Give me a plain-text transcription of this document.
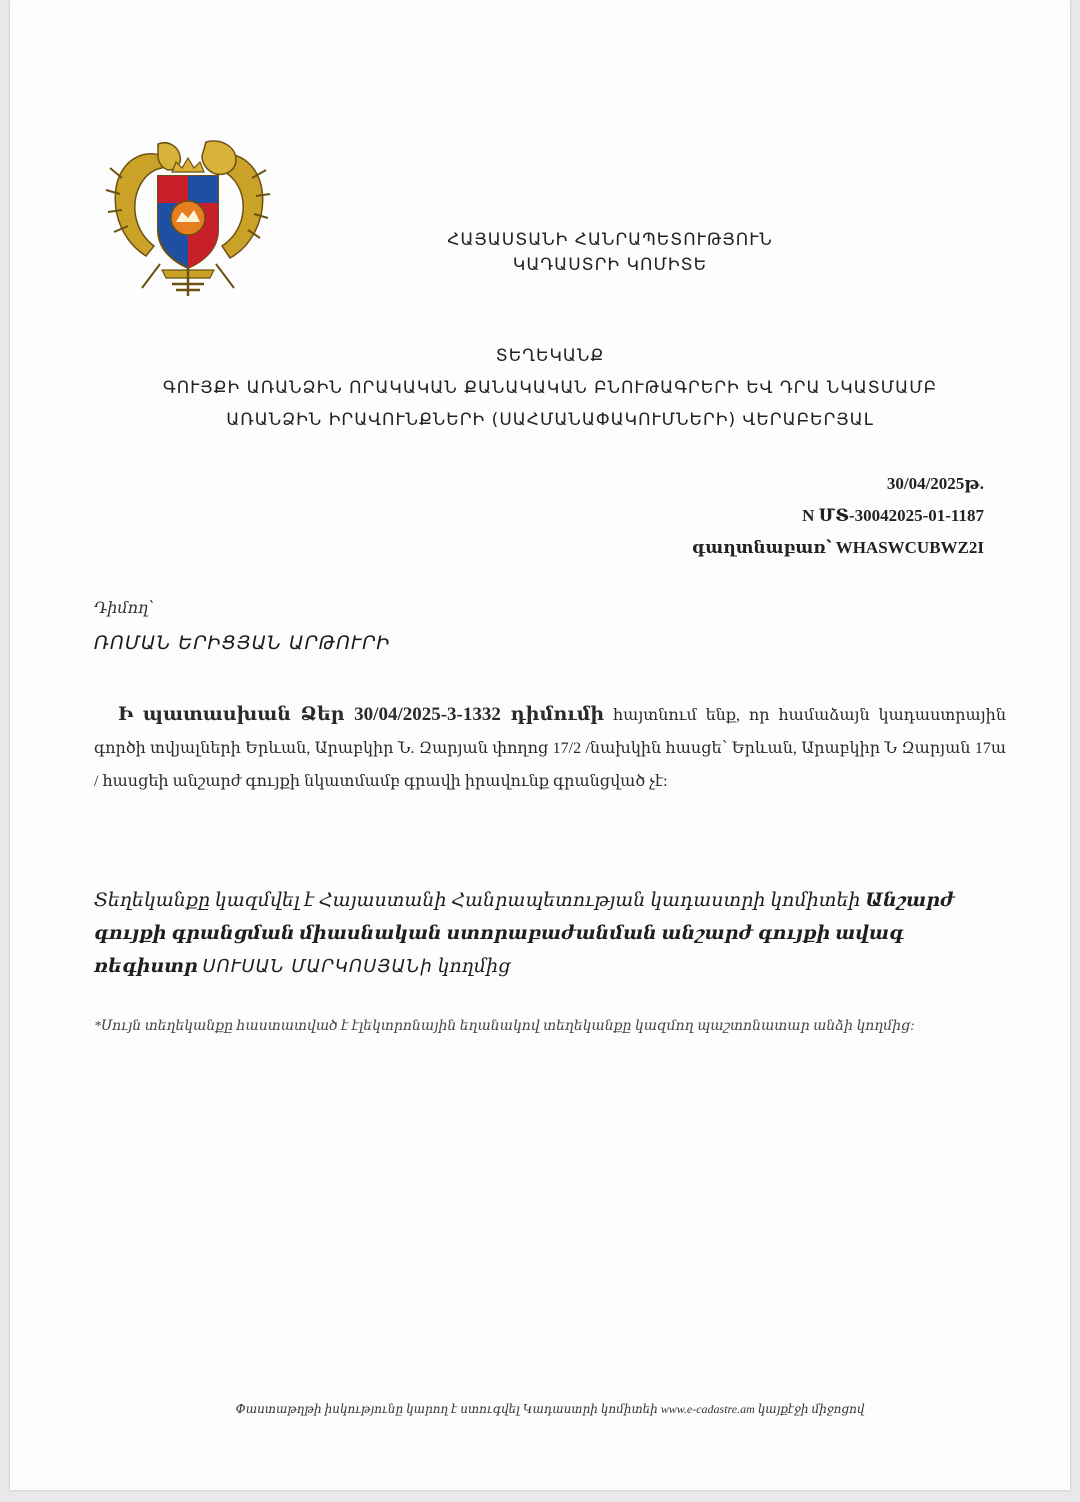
ՀԱՅԱՍՏԱՆԻ ՀԱՆՐԱՊԵՏՈՒԹՅՈՒՆ
ԿԱԴԱՍՏՐԻ ԿՈՄԻՏԵ
ՏԵՂԵԿԱՆՔ
ԳՈՒՅՔԻ ԱՌԱՆՁԻՆ ՈՐԱԿԱԿԱՆ ՔԱՆԱԿԱԿԱՆ ԲՆՈՒԹԱԳՐԵՐԻ ԵՎ ԴՐԱ ՆԿԱՏՄԱՄԲ
ԱՌԱՆՁԻՆ ԻՐԱՎՈՒՆՔՆԵՐԻ (ՍԱՀՄԱՆԱՓԱԿՈՒՄՆԵՐԻ) ՎԵՐԱԲԵՐՅԱԼ
30/04/2025թ.
N ՄՏ-30042025-01-1187
գաղտնաբառ՝ WHASWCUBWZ2I
Դիմող՝
ՌՈՄԱՆ ԵՐԻՑՅԱՆ ԱՐԹՈՒՐԻ
Ի պատասխան Ձեր 30/04/2025-3-1332 դիմումի հայտնում ենք, որ համաձայն կադաստրային գործի տվյալների Երևան, Արաբկիր Ն. Զարյան փողոց 17/2 /նախկին հասցե՝ Երևան, Արաբկիր Ն Զարյան 17ա / հասցեի անշարժ գույքի նկատմամբ գրավի իրավունք գրանցված չէ:
Տեղեկանքը կազմվել է Հայաստանի Հանրապետության կադաստրի կոմիտեի Անշարժ գույքի գրանցման միասնական ստորաբաժանման անշարժ գույքի ավագ ռեգիստր ՍՈՒՍԱՆ ՄԱՐԿՈՍՅԱՆի կողմից
*Սույն տեղեկանքը հաստատված է էլեկտրոնային եղանակով տեղեկանքը կազմող պաշտոնատար անձի կողմից:
Փաստաթղթի իսկությունը կարող է ստուգվել Կադաստրի կոմիտեի www.e-cadastre.am կայքէջի միջոցով
